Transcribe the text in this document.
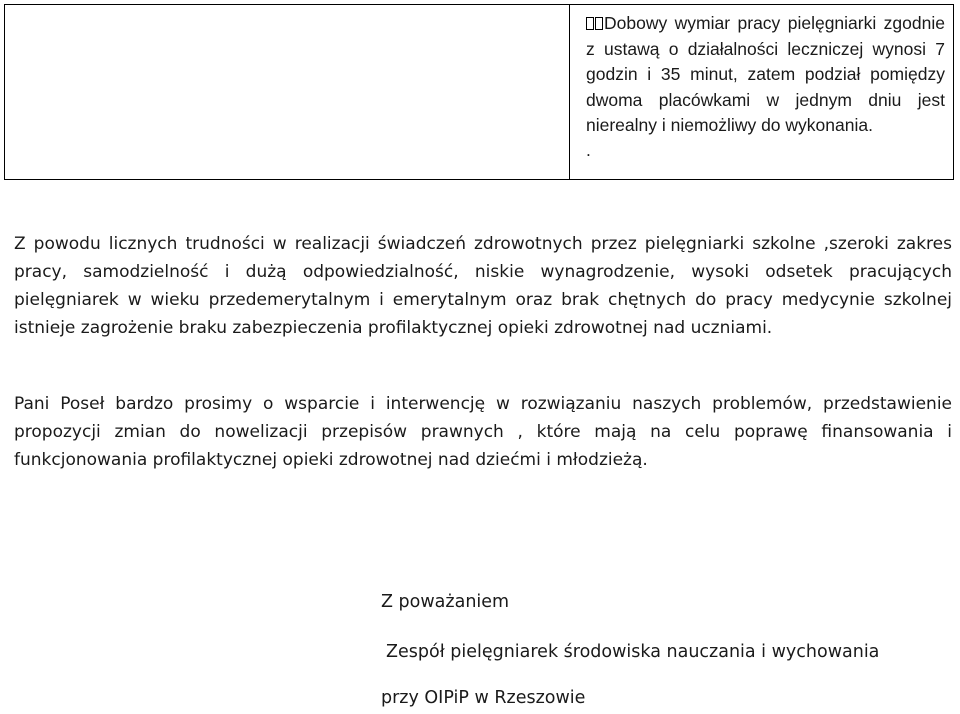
Dobowy wymiar pracy pielęgniarki zgodnie z ustawą o działalności leczniczej wynosi 7 godzin i 35 minut, zatem podział pomiędzy dwoma placówkami w jednym dniu jest nierealny i niemożliwy do wykonania.
.

Z powodu licznych trudności w realizacji świadczeń zdrowotnych przez pielęgniarki szkolne ,szeroki zakres pracy, samodzielność i dużą odpowiedzialność, niskie wynagrodzenie, wysoki odsetek pracujących pielęgniarek w wieku przedemerytalnym i emerytalnym oraz brak chętnych do pracy medycynie szkolnej istnieje zagrożenie braku zabezpieczenia profilaktycznej opieki zdrowotnej nad uczniami.

Pani Poseł bardzo prosimy o wsparcie i interwencję w rozwiązaniu naszych problemów, przedstawienie propozycji zmian do nowelizacji przepisów prawnych , które mają na celu poprawę finansowania i funkcjonowania profilaktycznej opieki zdrowotnej nad dziećmi i młodzieżą.

Z poważaniem

Zespół pielęgniarek środowiska nauczania i wychowania

przy OIPiP w Rzeszowie
